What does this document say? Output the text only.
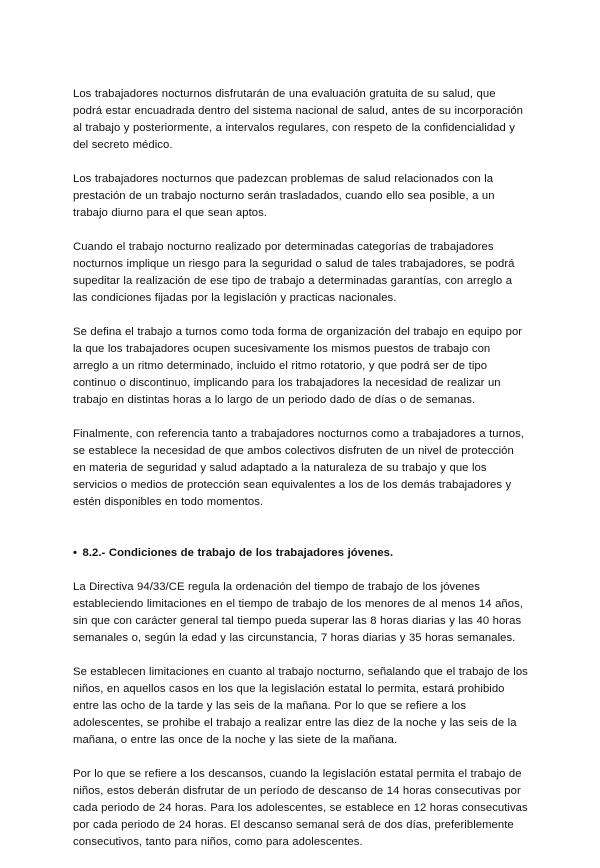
Los trabajadores nocturnos disfrutarán de una evaluación gratuita de su salud, que podrá estar encuadrada dentro del sistema nacional de salud, antes de su incorporación al trabajo y posteriormente, a intervalos regulares, con respeto de la confidencialidad y del secreto médico.

Los trabajadores nocturnos que padezcan problemas de salud relacionados con la prestación de un trabajo nocturno serán trasladados, cuando ello sea posible, a un trabajo diurno para el que sean aptos.

Cuando el trabajo nocturno realizado por determinadas categorías de trabajadores nocturnos implique un riesgo para la seguridad o salud de tales trabajadores, se podrá supeditar la realización de ese tipo de trabajo a determinadas garantías, con arreglo a las condiciones fijadas por la legislación y practicas nacionales.

Se defina el trabajo a turnos como toda forma de organización del trabajo en equipo por la que los trabajadores ocupen sucesivamente los mismos puestos de trabajo con arreglo a un ritmo determinado, incluido el ritmo rotatorio, y que podrá ser de tipo continuo o discontinuo, implicando para los trabajadores la necesidad de realizar un trabajo en distintas horas a lo largo de un periodo dado de días o de semanas.

Finalmente, con referencia tanto a trabajadores nocturnos como a trabajadores a turnos, se establece la necesidad de que ambos colectivos disfruten de un nivel de protección en materia de seguridad y salud adaptado a la naturaleza de su trabajo y que los servicios o medios de protección sean equivalentes a los de los demás trabajadores y estén disponibles en todo momentos.

• 8.2.- Condiciones de trabajo de los trabajadores jóvenes.

La Directiva 94/33/CE regula la ordenación del tiempo de trabajo de los jóvenes estableciendo limitaciones en el tiempo de trabajo de los menores de al menos 14 años, sin que con carácter general tal tiempo pueda superar las 8 horas diarias y las 40 horas semanales o, según la edad y las circunstancia, 7 horas diarias y 35 horas semanales.

Se establecen limitaciones en cuanto al trabajo nocturno, señalando que el trabajo de los niños, en aquellos casos en los que la legislación estatal lo permita, estará prohibido entre las ocho de la tarde y las seis de la mañana. Por lo que se refiere a los adolescentes, se prohibe el trabajo a realizar entre las diez de la noche y las seis de la mañana, o entre las once de la noche y las siete de la mañana.

Por lo que se refiere a los descansos, cuando la legislación estatal permita el trabajo de niños, estos deberán disfrutar de un período de descanso de 14 horas consecutivas por cada periodo de 24 horas. Para los adolescentes, se establece en 12 horas consecutivas por cada periodo de 24 horas. El descanso semanal será de dos días, preferiblemente consecutivos, tanto para niños, como para adolescentes.
